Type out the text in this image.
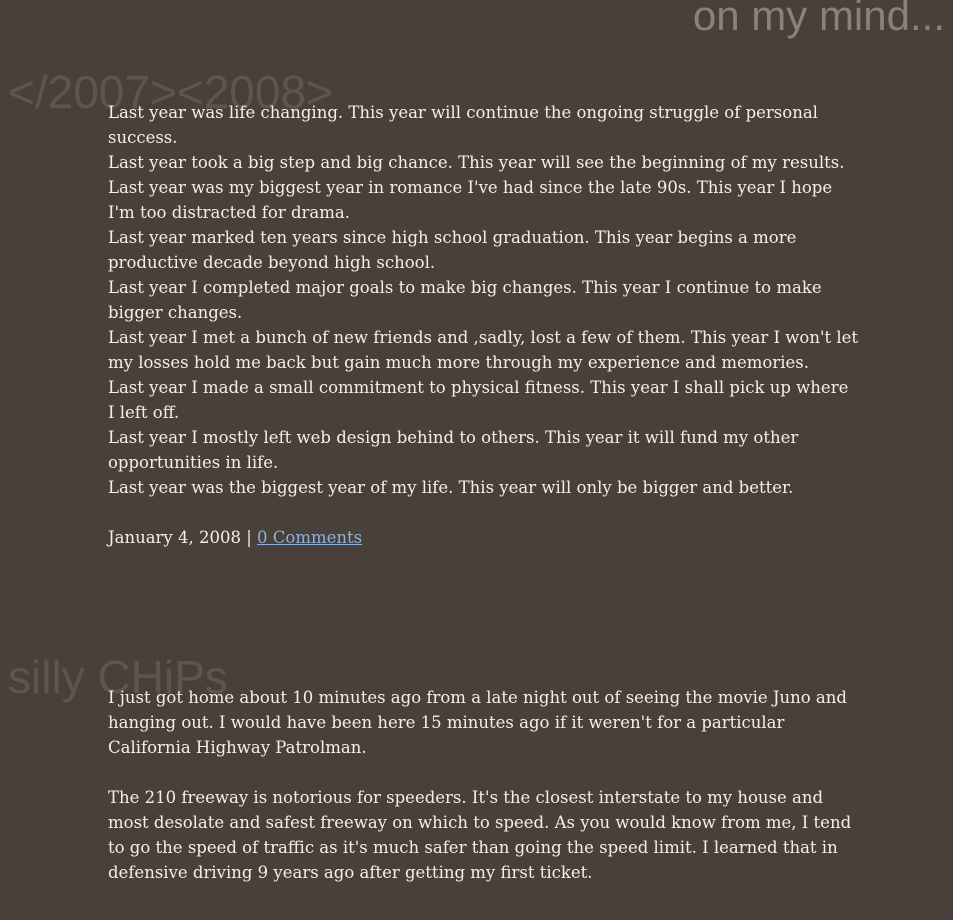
on my mind...
</2007><2008>

Last year was life changing. This year will continue the ongoing struggle of personal success.

Last year took a big step and big chance. This year will see the beginning of my results.

Last year was my biggest year in romance I've had since the late 90s. This year I hope I'm too distracted for drama.

Last year marked ten years since high school graduation. This year begins a more productive decade beyond high school.

Last year I completed major goals to make big changes. This year I continue to make bigger changes.

Last year I met a bunch of new friends and ,sadly, lost a few of them. This year I won't let my losses hold me back but gain much more through my experience and memories.

Last year I made a small commitment to physical fitness. This year I shall pick up where I left off.

Last year I mostly left web design behind to others. This year it will fund my other opportunities in life.

Last year was the biggest year of my life. This year will only be bigger and better.

January 4, 2008 | 0 Comments
silly CHiPs

I just got home about 10 minutes ago from a late night out of seeing the movie Juno and hanging out. I would have been here 15 minutes ago if it weren't for a particular California Highway Patrolman.

The 210 freeway is notorious for speeders. It's the closest interstate to my house and most desolate and safest freeway on which to speed. As you would know from me, I tend to go the speed of traffic as it's much safer than going the speed limit. I learned that in defensive driving 9 years ago after getting my first ticket.
